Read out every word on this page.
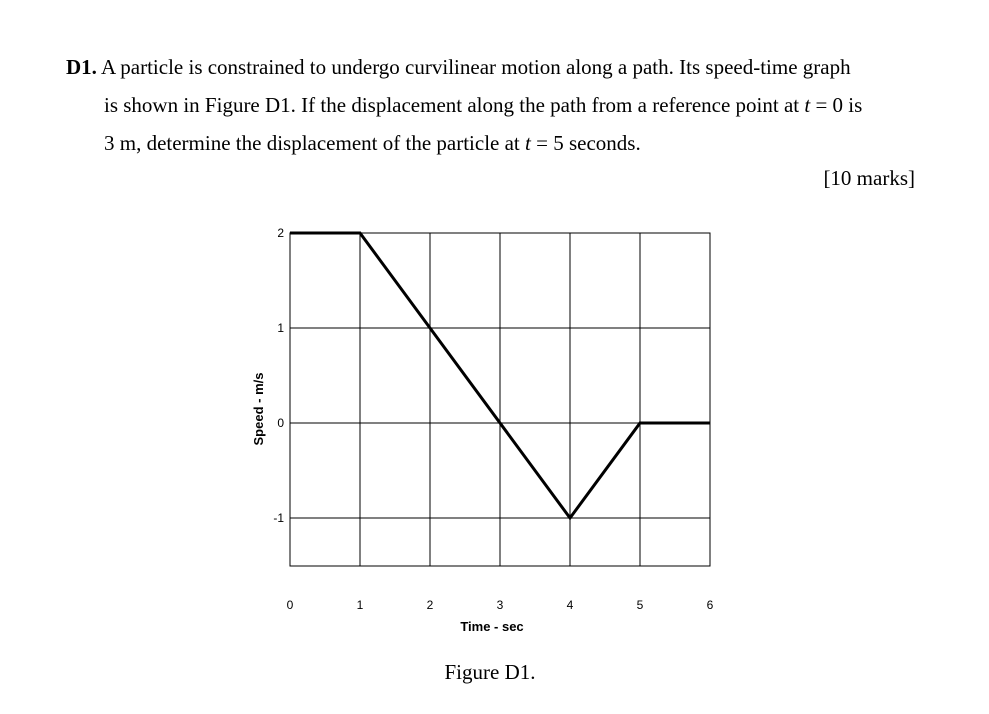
D1. A particle is constrained to undergo curvilinear motion along a path. Its speed-time graph
is shown in Figure D1. If the displacement along the path from a reference point at t = 0 is
3 m, determine the displacement of the particle at t = 5 seconds.
[10 marks]
0	1	2	3	4	5	6
2
1
0
-1
Time - sec
Speed - m/s
Figure D1.
